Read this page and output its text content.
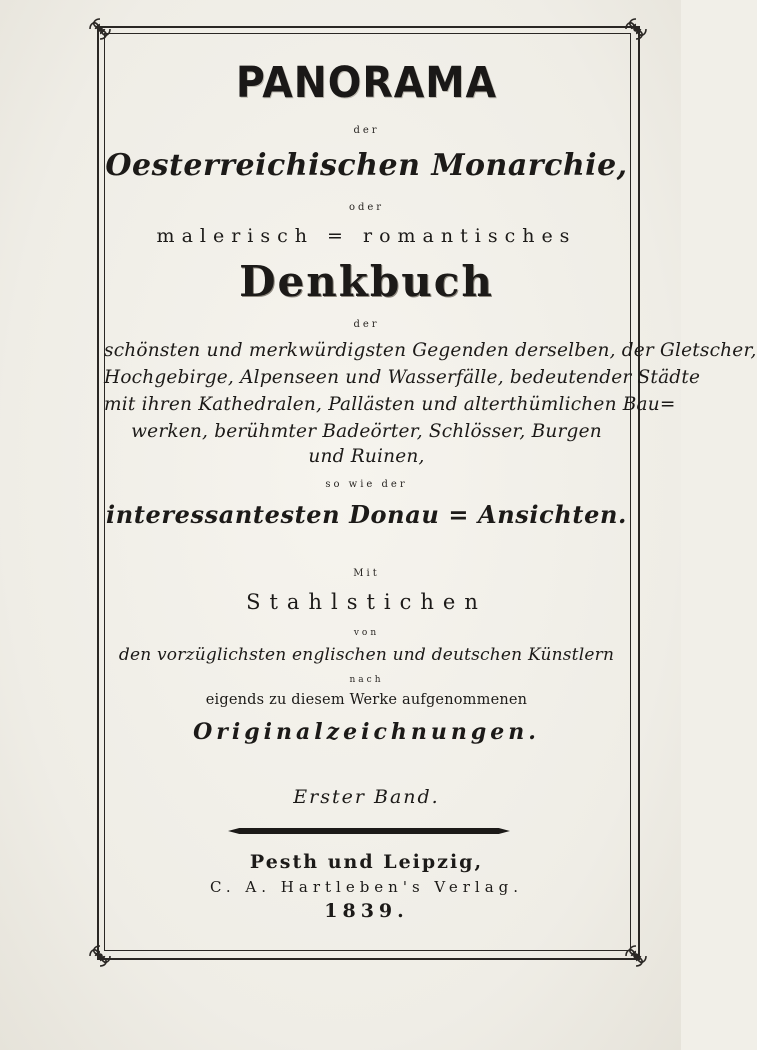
PANORAMA
der
Oesterreichischen Monarchie,
oder
malerisch = romantisches
Denkbuch
der
schönsten und merkwürdigsten Gegenden derselben, der Gletscher,
Hochgebirge, Alpenseen und Wasserfälle, bedeutender Städte
mit ihren Kathedralen, Pallästen und alterthümlichen Bau=
werken, berühmter Badeörter, Schlösser, Burgen
und Ruinen,
so wie der
interessantesten Donau = Ansichten.
Mit
Stahlstichen
von
den vorzüglichsten englischen und deutschen Künstlern
nach
eigends zu diesem Werke aufgenommenen
Originalzeichnungen.
Erster Band.
Pesth und Leipzig,
C. A. Hartleben's Verlag.
1839.
